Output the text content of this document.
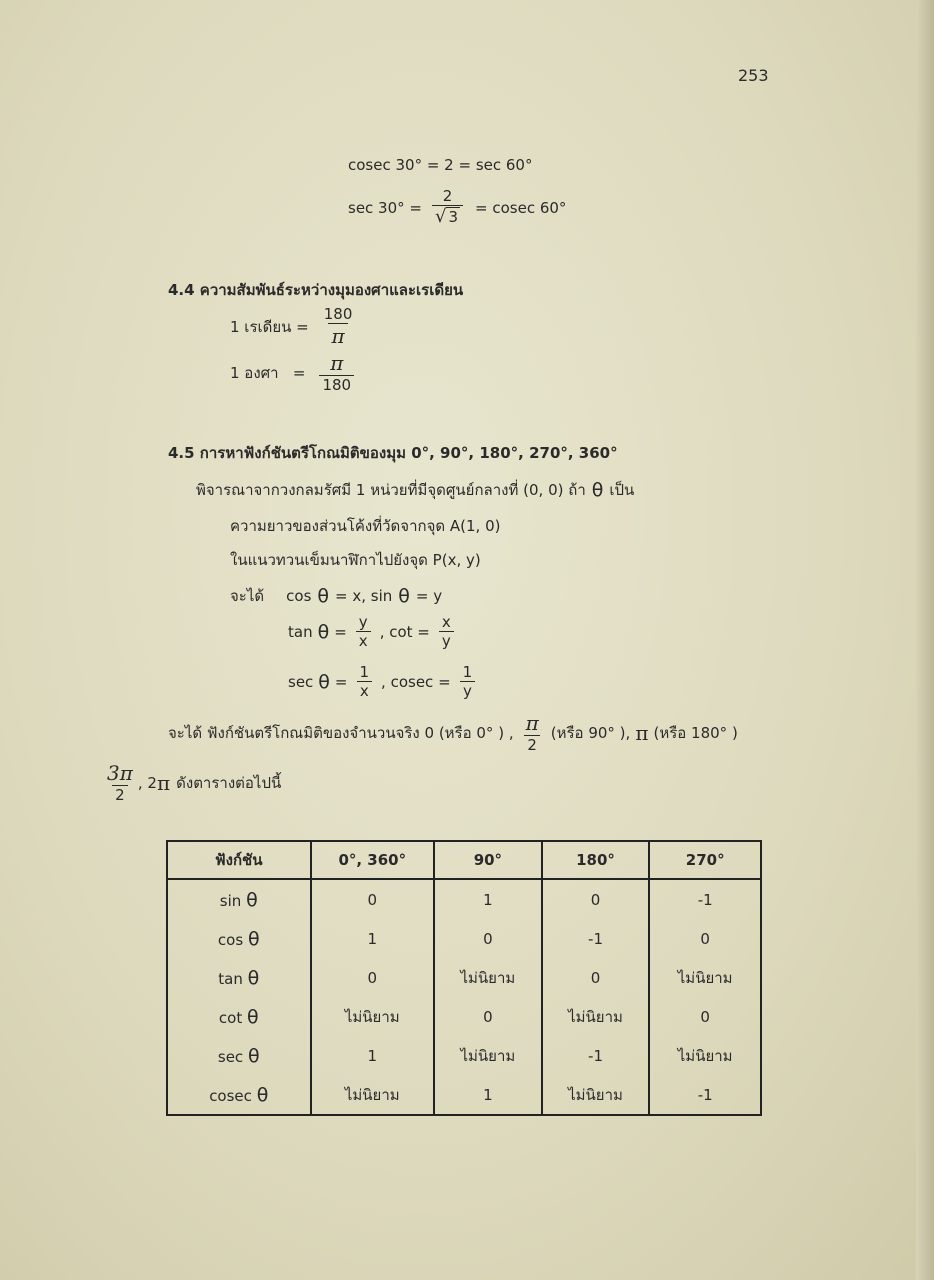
253
cosec 30° = 2 = sec 60°
$\sec 30^\circ = \frac{2}{√ 3} = cosec$ 60°
4.4 ความสัมพันธ์ระหว่างมุมองศาและเรเดียน
1 เรเดียน = $\frac{180}{\pi}$
1 องศา   = $\frac{\pi}{180}$
4.5 การหาฟังก์ชันตรีโกณมิติของมุม 0°, 90°, 180°, 270°, 360°
พิจารณาจากวงกลมรัศมี 1 หน่วยที่มีจุดศูนย์กลางที่ (0, 0) ถ้า θ เป็น
ความยาวของส่วนโค้งที่วัดจากจุด A(1, 0)
ในแนวทวนเข็มนาฬิกาไปยังจุด P(x, y)
จะได้ cos θ = x, sin θ = y
$\tan \theta = \frac{y}{x}$ , $\cot = \frac{x}{y}$
$\sec \theta = \frac{1}{x}$ , $cosec = \frac{1}{y}$
จะได้ ฟังก์ชันตรีโกณมิติของจำนวนจริง 0 (หรือ 0° ) , $\frac{\pi}{2}$ (หรือ 90° ), π (หรือ 180° )
$\frac{3\pi}{2}$ , 2 π ดังตารางต่อไปนี้
ฟังก์ชัน	0°, 360°	90°	180°	270°
sin θ	0	1	0	-1
cos θ	1	0	-1	0
tan θ	0	ไม่นิยาม	0	ไม่นิยาม
cot θ	ไม่นิยาม	0	ไม่นิยาม	0
sec θ	1	ไม่นิยาม	-1	ไม่นิยาม
cosec θ	ไม่นิยาม	1	ไม่นิยาม	-1
